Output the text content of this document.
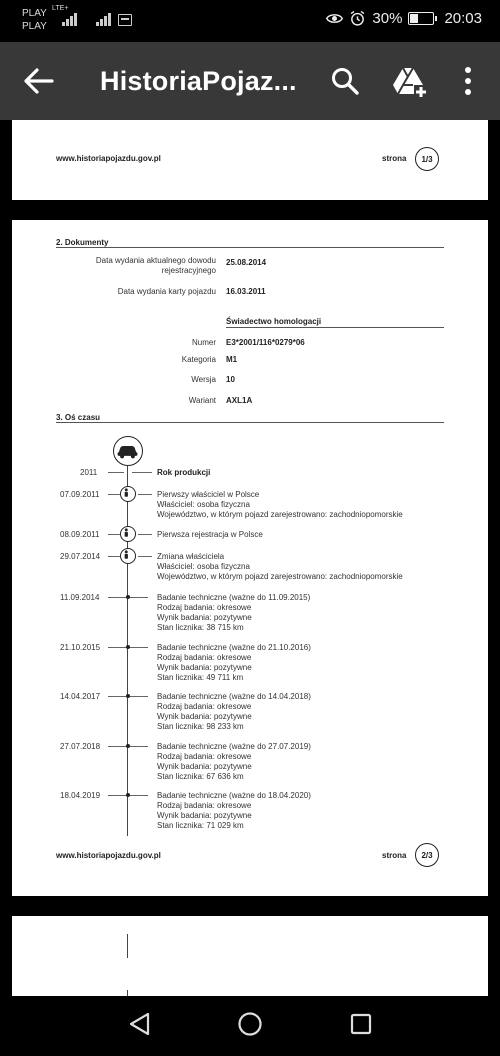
PLAY
PLAY
LTE+
30%	20:03
HistoriaPojaz...
www.historiapojazdu.gov.pl	strona	1/3
2. Dokumenty
Data wydania aktualnego dowodu
rejestracyjnego
25.08.2014
Data wydania karty pojazdu 16.03.2011
Świadectwo homologacji
Numer E3*2001/116*0279*06
Kategoria M1
Wersja 10
Wariant AXL1A
3. Oś czasu
2011	Rok produkcji
07.09.2011	Pierwszy właściciel w Polsce
Właściciel: osoba fizyczna
Województwo, w którym pojazd zarejestrowano: zachodniopomorskie
08.09.2011	Pierwsza rejestracja w Polsce
29.07.2014	Zmiana właściciela
Właściciel: osoba fizyczna
Województwo, w którym pojazd zarejestrowano: zachodniopomorskie
11.09.2014	Badanie techniczne (ważne do 11.09.2015)
Rodzaj badania: okresowe
Wynik badania: pozytywne
Stan licznika: 38 715 km
21.10.2015	Badanie techniczne (ważne do 21.10.2016)
Rodzaj badania: okresowe
Wynik badania: pozytywne
Stan licznika: 49 711 km
14.04.2017	Badanie techniczne (ważne do 14.04.2018)
Rodzaj badania: okresowe
Wynik badania: pozytywne
Stan licznika: 98 233 km
27.07.2018	Badanie techniczne (ważne do 27.07.2019)
Rodzaj badania: okresowe
Wynik badania: pozytywne
Stan licznika: 67 636 km
18.04.2019	Badanie techniczne (ważne do 18.04.2020)
Rodzaj badania: okresowe
Wynik badania: pozytywne
Stan licznika: 71 029 km
www.historiapojazdu.gov.pl	strona	2/3
